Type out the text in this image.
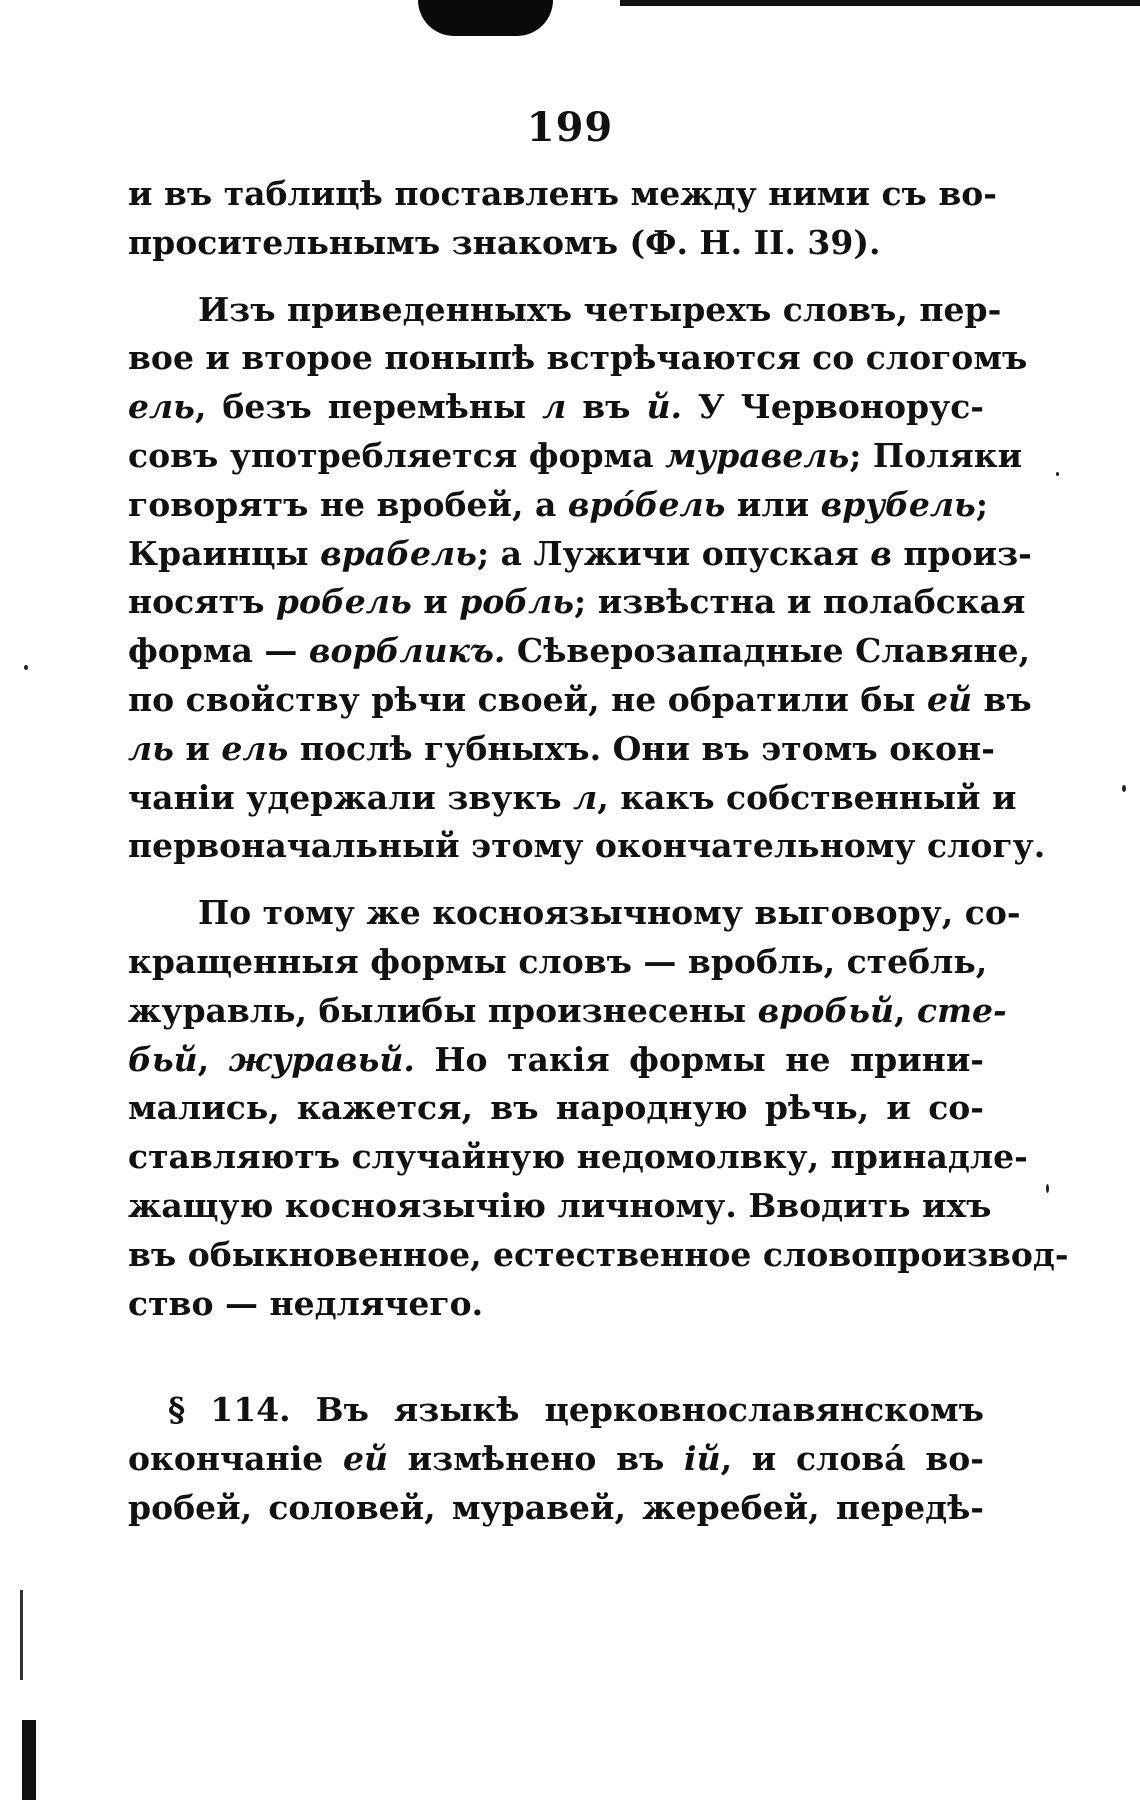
199
и въ таблицѣ поставленъ между ними съ во-
просительнымъ знакомъ (Ф. Н. II. 39).
Изъ приведенныхъ четырехъ словъ, пер-
вое и второе поныпѣ встрѣчаются со слогомъ
ель, безъ перемѣны л въ й. У Червонорус-
совъ употребляется форма муравель; Поляки
говорятъ не вробей, а вро́бель или врубель;
Краинцы врабель; а Лужичи опуская в произ-
носятъ робель и робль; извѣстна и полабская
форма — ворбликъ. Сѣверозападные Славяне,
по свойству рѣчи своей, не обратили бы ей въ
ль и ель послѣ губныхъ. Они въ этомъ окон-
чаніи удержали звукъ л, какъ собственный и
первоначальный этому окончательному слогу.
По тому же косноязычному выговору, со-
кращенныя формы словъ — вробль, стебль,
журавль, былибы произнесены вробьй, сте-
бьй, журавьй. Но такія формы не прини-
мались, кажется, въ народную рѣчь, и со-
ставляютъ случайную недомолвку, принадле-
жащую косноязычію личному. Вводить ихъ
въ обыкновенное, естественное словопроизвод-
ство — недлячего.
§ 114. Въ языкѣ церковнославянскомъ
окончаніе ей измѣнено въ ій, и слова́ во-
робей, соловей, муравей, жеребей, передѣ-
